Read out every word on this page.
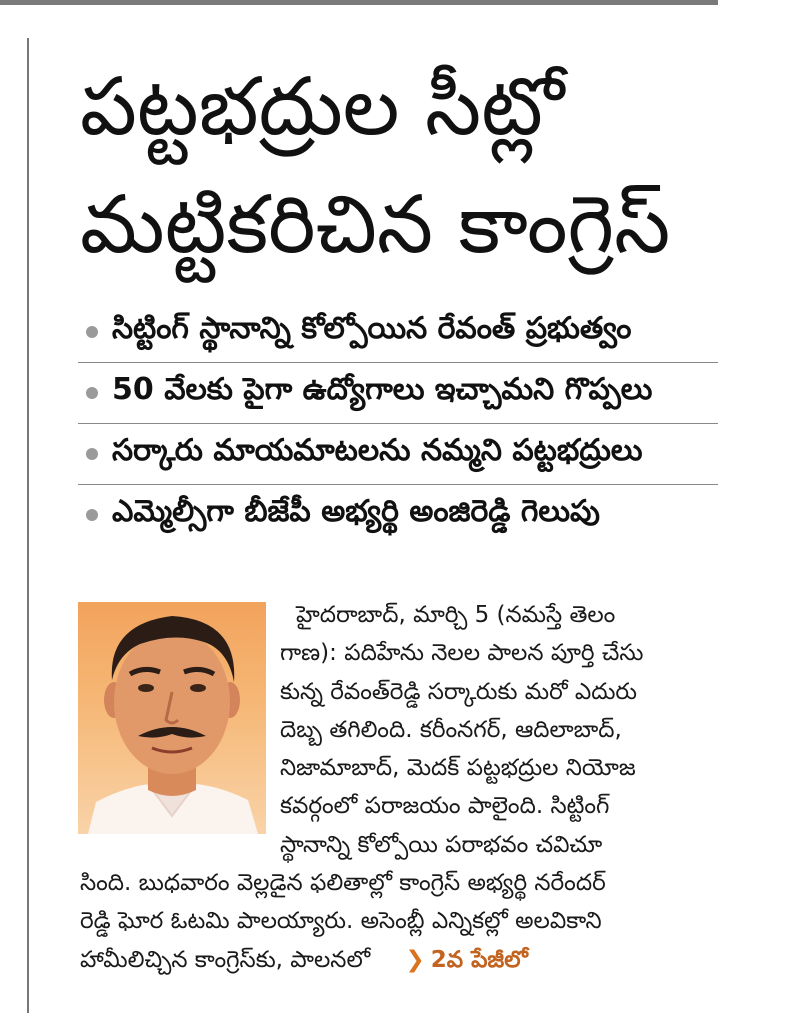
పట్టభద్రుల సీట్లో
మట్టికరిచిన కాంగ్రెస్
సిట్టింగ్ స్థానాన్ని కోల్పోయిన రేవంత్ ప్రభుత్వం
50 వేలకు పైగా ఉద్యోగాలు ఇచ్చామని గొప్పలు
సర్కారు మాయమాటలను నమ్మని పట్టభద్రులు
ఎమ్మెల్సీగా బీజేపీ అభ్యర్థి అంజిరెడ్డి గెలుపు
హైదరాబాద్, మార్చి 5 (నమస్తే తెలం
గాణ): పదిహేను నెలల పాలన పూర్తి చేసు
కున్న రేవంత్‌రెడ్డి సర్కారుకు మరో ఎదురు
దెబ్బ తగిలింది. కరీంనగర్, ఆదిలాబాద్,
నిజామాబాద్, మెదక్ పట్టభద్రుల నియోజ
కవర్గంలో పరాజయం పాలైంది. సిట్టింగ్
స్థానాన్ని కోల్పోయి పరాభవం చవిచూ
సింది. బుధవారం వెల్లడైన ఫలితాల్లో కాంగ్రెస్ అభ్యర్థి నరేందర్
రెడ్డి ఘోర ఓటమి పాలయ్యారు. అసెంబ్లీ ఎన్నికల్లో అలవికాని
హామీలిచ్చిన కాంగ్రెస్‌కు, పాలనలో ❯ 2వ పేజీలో
